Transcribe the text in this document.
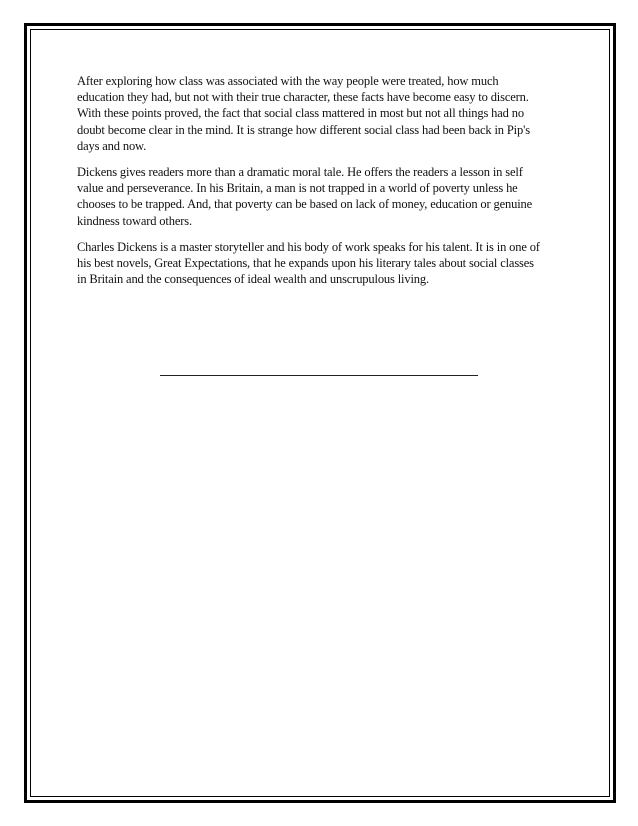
After exploring how class was associated with the way people were treated, how much
education they had, but not with their true character, these facts have become easy to discern.
With these points proved, the fact that social class mattered in most but not all things had no
doubt become clear in the mind. It is strange how different social class had been back in Pip's
days and now.

Dickens gives readers more than a dramatic moral tale. He offers the readers a lesson in self
value and perseverance. In his Britain, a man is not trapped in a world of poverty unless he
chooses to be trapped. And, that poverty can be based on lack of money, education or genuine
kindness toward others.

Charles Dickens is a master storyteller and his body of work speaks for his talent. It is in one of
his best novels, Great Expectations, that he expands upon his literary tales about social classes
in Britain and the consequences of ideal wealth and unscrupulous living.
